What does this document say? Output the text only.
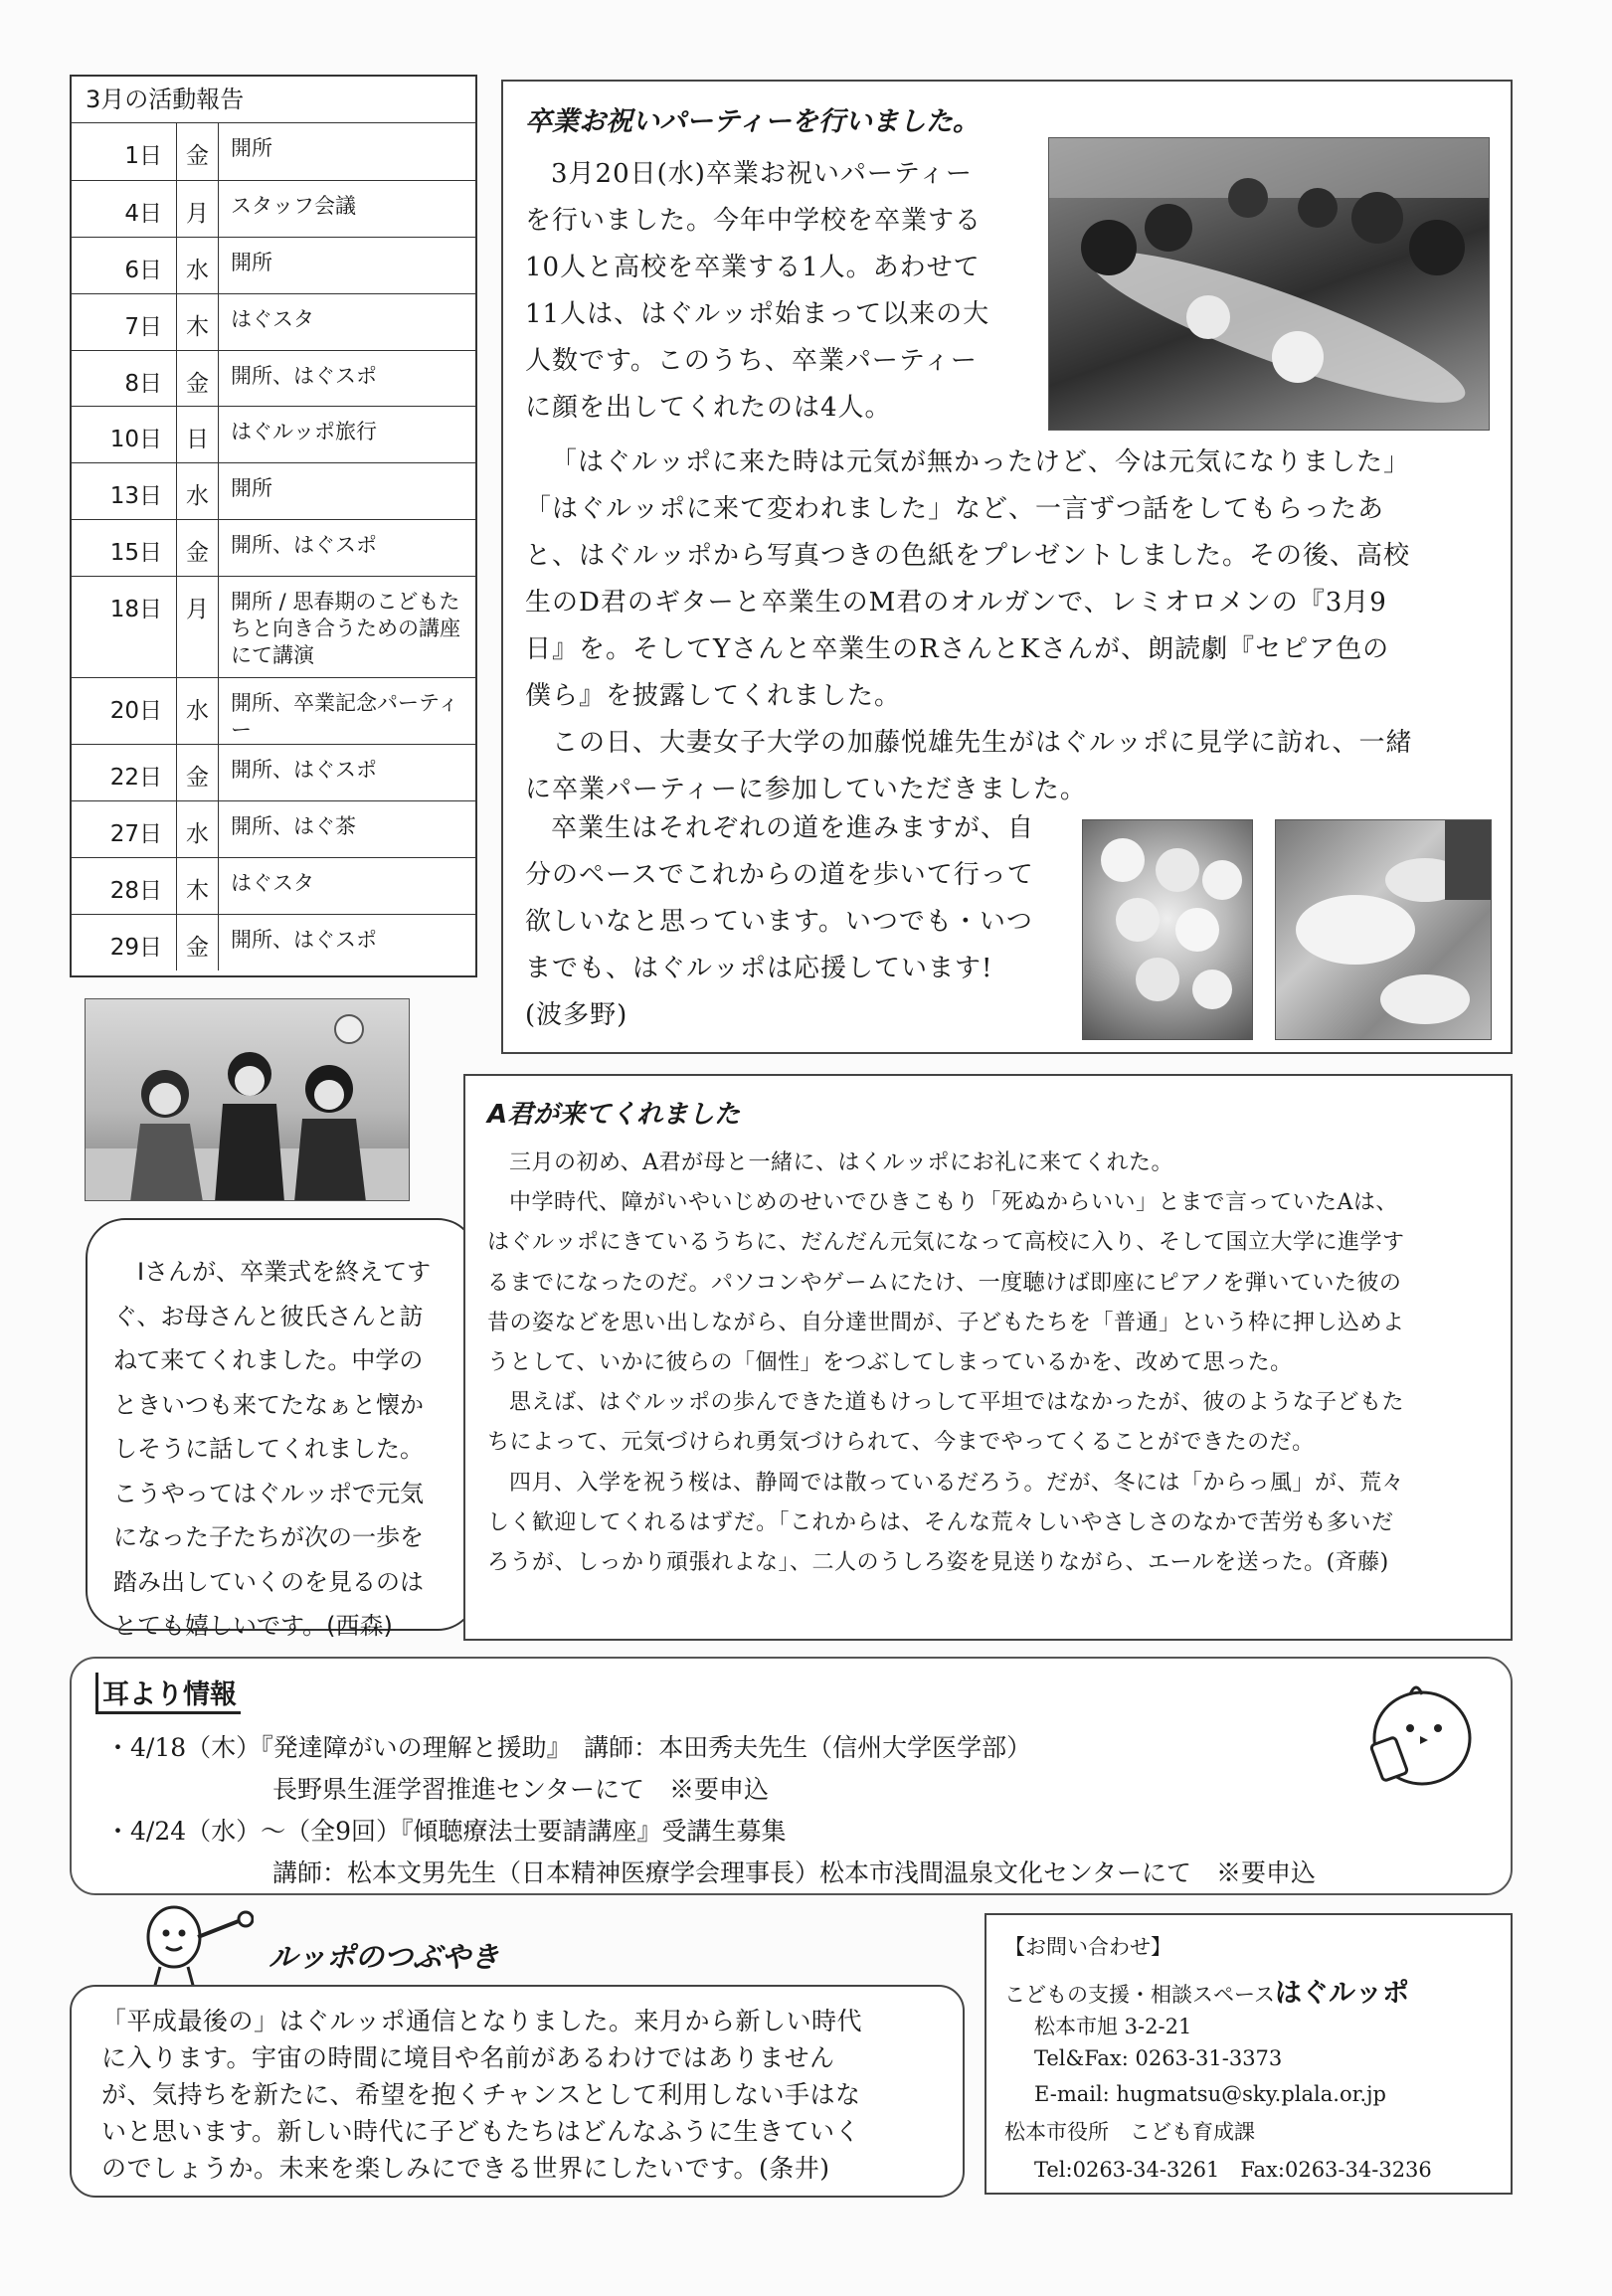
3月の活動報告
1日	金	開所
4日	月	スタッフ会議
6日	水	開所
7日	木	はぐスタ
8日	金	開所、はぐスポ
10日	日	はぐルッポ旅行
13日	水	開所
15日	金	開所、はぐスポ
18日	月	開所 / 思春期のこどもたちと向き合うための講座にて講演
20日	水	開所、卒業記念パーティー
22日	金	開所、はぐスポ
27日	水	開所、はぐ茶
28日	木	はぐスタ
29日	金	開所、はぐスポ
卒業お祝いパーティーを行いました。
3月20日(水)卒業お祝いパーティー
を行いました。今年中学校を卒業する
10人と高校を卒業する1人。あわせて
11人は、はぐルッポ始まって以来の大
人数です。このうち、卒業パーティー
に顔を出してくれたのは4人。
「はぐルッポに来た時は元気が無かったけど、今は元気になりました」
「はぐルッポに来て変われました」など、一言ずつ話をしてもらったあ
と、はぐルッポから写真つきの色紙をプレゼントしました。その後、高校
生のD君のギターと卒業生のM君のオルガンで、レミオロメンの『3月9
日』を。そしてYさんと卒業生のRさんとKさんが、朗読劇『セピア色の
僕ら』を披露してくれました。
　この日、大妻女子大学の加藤悦雄先生がはぐルッポに見学に訪れ、一緒
に卒業パーティーに参加していただきました。
卒業生はそれぞれの道を進みますが、自
分のペースでこれからの道を歩いて行って
欲しいなと思っています。いつでも・いつ
までも、はぐルッポは応援しています!
(波多野)
Iさんが、卒業式を終えてす
ぐ、お母さんと彼氏さんと訪
ねて来てくれました。中学の
ときいつも来てたなぁと懐か
しそうに話してくれました。
こうやってはぐルッポで元気
になった子たちが次の一歩を
踏み出していくのを見るのは
とても嬉しいです。(西森)
A君が来てくれました

三月の初め、A君が母と一緒に、はくルッポにお礼に来てくれた。

中学時代、障がいやいじめのせいでひきこもり「死ぬからいい」とまで言っていたAは、

はぐルッポにきているうちに、だんだん元気になって高校に入り、そして国立大学に進学す

るまでになったのだ。パソコンやゲームにたけ、一度聴けば即座にピアノを弾いていた彼の

昔の姿などを思い出しながら、自分達世間が、子どもたちを「普通」という枠に押し込めよ

うとして、いかに彼らの「個性」をつぶしてしまっているかを、改めて思った。

思えば、はぐルッポの歩んできた道もけっして平坦ではなかったが、彼のような子どもた

ちによって、元気づけられ勇気づけられて、今までやってくることができたのだ。

四月、入学を祝う桜は、静岡では散っているだろう。だが、冬には「からっ風」が、荒々

しく歓迎してくれるはずだ。「これからは、そんな荒々しいやさしさのなかで苦労も多いだ

ろうが、しっかり頑張れよな」、二人のうしろ姿を見送りながら、エールを送った。(斉藤)

耳より情報
・4/18（木）『発達障がいの理解と援助』　講師：本田秀夫先生（信州大学医学部）
長野県生涯学習推進センターにて　※要申込
・4/24（水）～（全9回）『傾聴療法士要請講座』受講生募集
講師：松本文男先生（日本精神医療学会理事長）松本市浅間温泉文化センターにて　※要申込
ルッポのつぶやき
「平成最後の」はぐルッポ通信となりました。来月から新しい時代
に入ります。宇宙の時間に境目や名前があるわけではありません
が、気持ちを新たに、希望を抱くチャンスとして利用しない手はな
いと思います。新しい時代に子どもたちはどんなふうに生きていく
のでしょうか。未来を楽しみにできる世界にしたいです。(条井)
【お問い合わせ】
こどもの支援・相談スペースはぐルッポ
松本市旭 3-2-21
Tel&Fax: 0263-31-3373
E-mail: hugmatsu@sky.plala.or.jp
松本市役所　こども育成課
Tel:0263-34-3261　Fax:0263-34-3236
